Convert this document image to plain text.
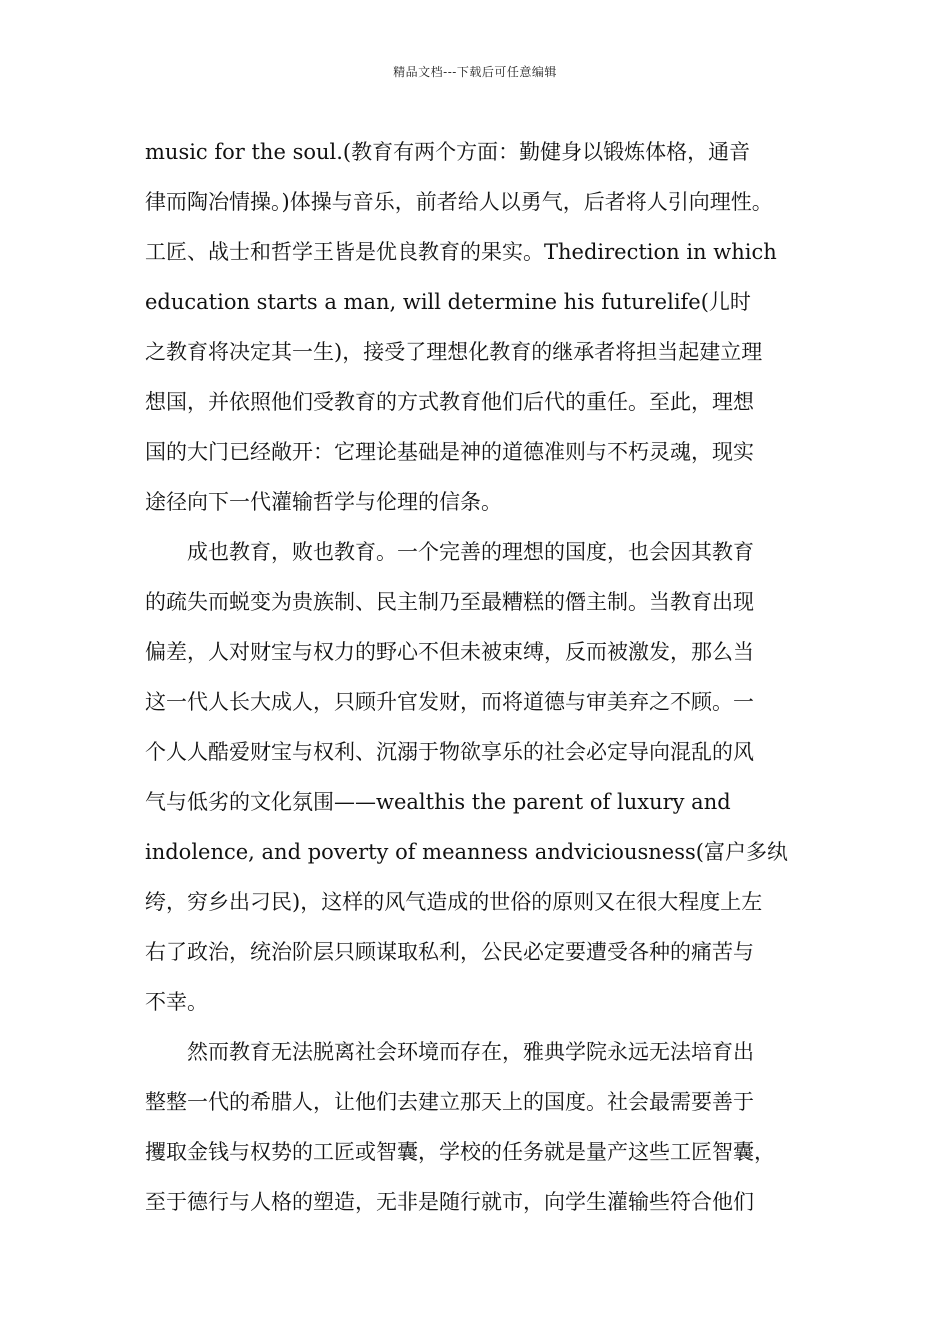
精品文档---下载后可任意编辑
music for the soul.(教育有两个方面：勤健身以锻炼体格，通音
律而陶冶情操。)体操与音乐，前者给人以勇气，后者将人引向理性。
工匠、战士和哲学王皆是优良教育的果实。Thedirection in which
education starts a man, will determine his futurelife(儿时
之教育将决定其一生)，接受了理想化教育的继承者将担当起建立理
想国，并依照他们受教育的方式教育他们后代的重任。至此，理想
国的大门已经敞开：它理论基础是神的道德准则与不朽灵魂，现实
途径向下一代灌输哲学与伦理的信条。
　　成也教育，败也教育。一个完善的理想的国度，也会因其教育
的疏失而蜕变为贵族制、民主制乃至最糟糕的僭主制。当教育出现
偏差，人对财宝与权力的野心不但未被束缚，反而被激发，那么当
这一代人长大成人，只顾升官发财，而将道德与审美弃之不顾。一
个人人酷爱财宝与权利、沉溺于物欲享乐的社会必定导向混乱的风
气与低劣的文化氛围——wealthis the parent of luxury and
indolence, and poverty of meanness andviciousness(富户多纨
绔，穷乡出刁民)，这样的风气造成的世俗的原则又在很大程度上左
右了政治，统治阶层只顾谋取私利，公民必定要遭受各种的痛苦与
不幸。
　　然而教育无法脱离社会环境而存在，雅典学院永远无法培育出
整整一代的希腊人，让他们去建立那天上的国度。社会最需要善于
攫取金钱与权势的工匠或智囊，学校的任务就是量产这些工匠智囊，
至于德行与人格的塑造，无非是随行就市，向学生灌输些符合他们
